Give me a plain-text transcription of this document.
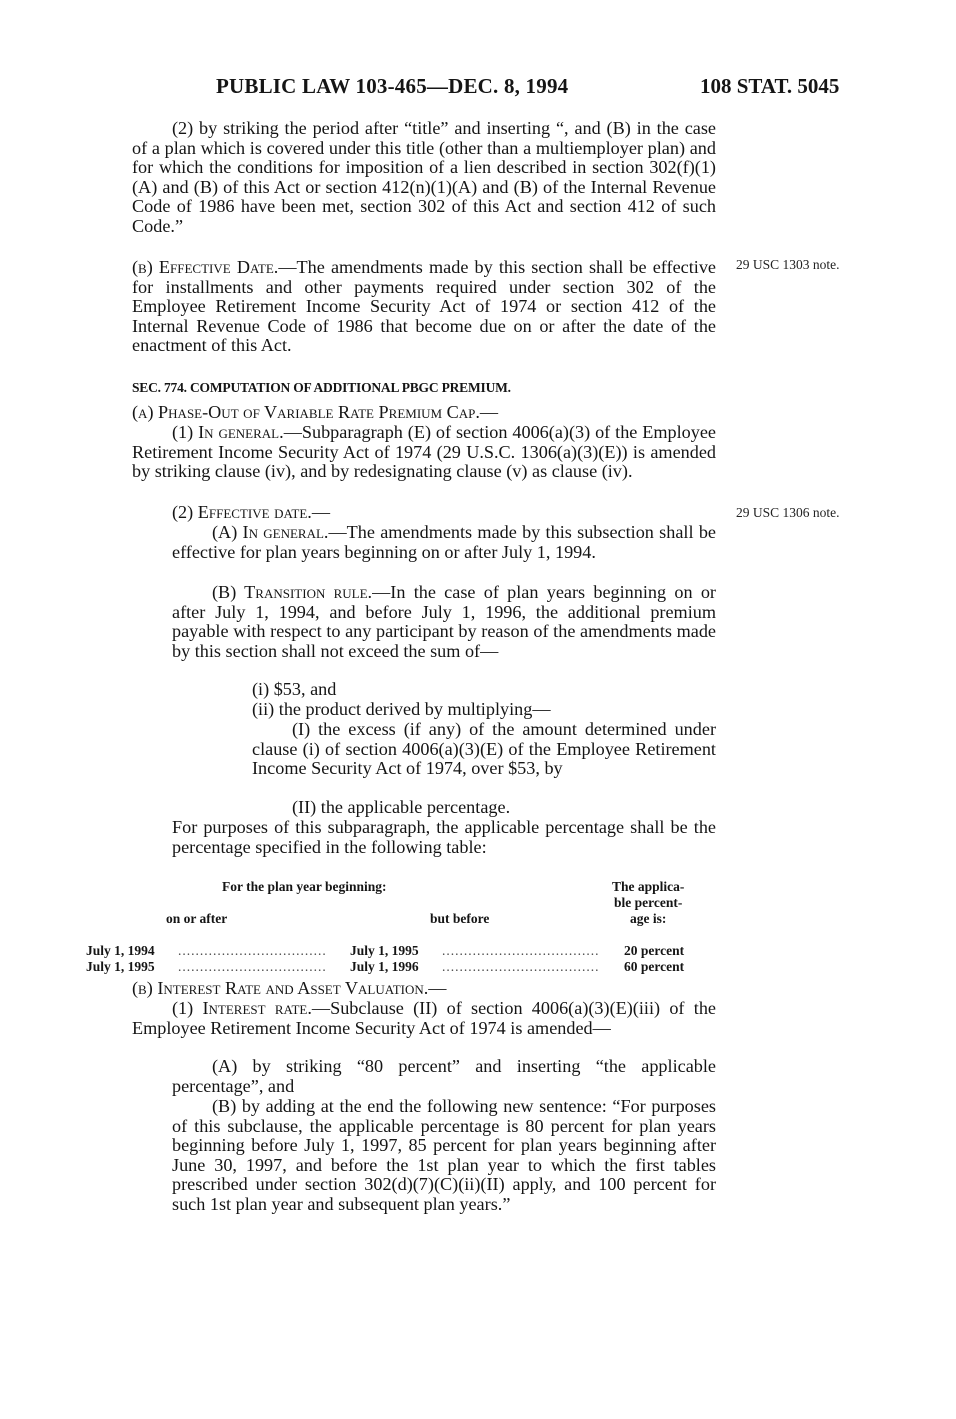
PUBLIC LAW 103-465—DEC. 8, 1994	108 STAT. 5045

(2) by striking the period after “title” and inserting “, and (B) in the case of a plan which is covered under this title (other than a multiemployer plan) and for which the conditions for imposition of a lien described in section 302(f)(1)(A) and (B) of this Act or section 412(n)(1)(A) and (B) of the Internal Revenue Code of 1986 have been met, section 302 of this Act and section 412 of such Code.”

29 USC 1303 note.
(b) Effective Date.—The amendments made by this section shall be effective for installments and other payments required under section 302 of the Employee Retirement Income Security Act of 1974 or section 412 of the Internal Revenue Code of 1986 that become due on or after the date of the enactment of this Act.
SEC. 774. COMPUTATION OF ADDITIONAL PBGC PREMIUM.
(a) Phase-Out of Variable Rate Premium Cap.—
(1) In general.—Subparagraph (E) of section 4006(a)(3) of the Employee Retirement Income Security Act of 1974 (29 U.S.C. 1306(a)(3)(E)) is amended by striking clause (iv), and by redesignating clause (v) as clause (iv).
(2) Effective date.—	29 USC 1306 note.
(A) In general.—The amendments made by this subsection shall be effective for plan years beginning on or after July 1, 1994.
(B) Transition rule.—In the case of plan years beginning on or after July 1, 1994, and before July 1, 1996, the additional premium payable with respect to any participant by reason of the amendments made by this section shall not exceed the sum of—
(i) $53, and
(ii) the product derived by multiplying—
(I) the excess (if any) of the amount determined under clause (i) of section 4006(a)(3)(E) of the Employee Retirement Income Security Act of 1974, over $53, by
(II) the applicable percentage.
For purposes of this subparagraph, the applicable percentage shall be the percentage specified in the following table:
For the plan year beginning:
on or after	but before
The applica-
ble percent-
age is:
July 1, 1994 .................................. July 1, 1995 .................................... 20 percent
July 1, 1995 .................................. July 1, 1996 .................................... 60 percent
(b) Interest Rate and Asset Valuation.—
(1) Interest rate.—Subclause (II) of section 4006(a)(3)(E)(iii) of the Employee Retirement Income Security Act of 1974 is amended—
(A) by striking “80 percent” and inserting “the applicable percentage”, and
(B) by adding at the end the following new sentence: “For purposes of this subclause, the applicable percentage is 80 percent for plan years beginning before July 1, 1997, 85 percent for plan years beginning after June 30, 1997, and before the 1st plan year to which the first tables prescribed under section 302(d)(7)(C)(ii)(II) apply, and 100 percent for such 1st plan year and subsequent plan years.”
